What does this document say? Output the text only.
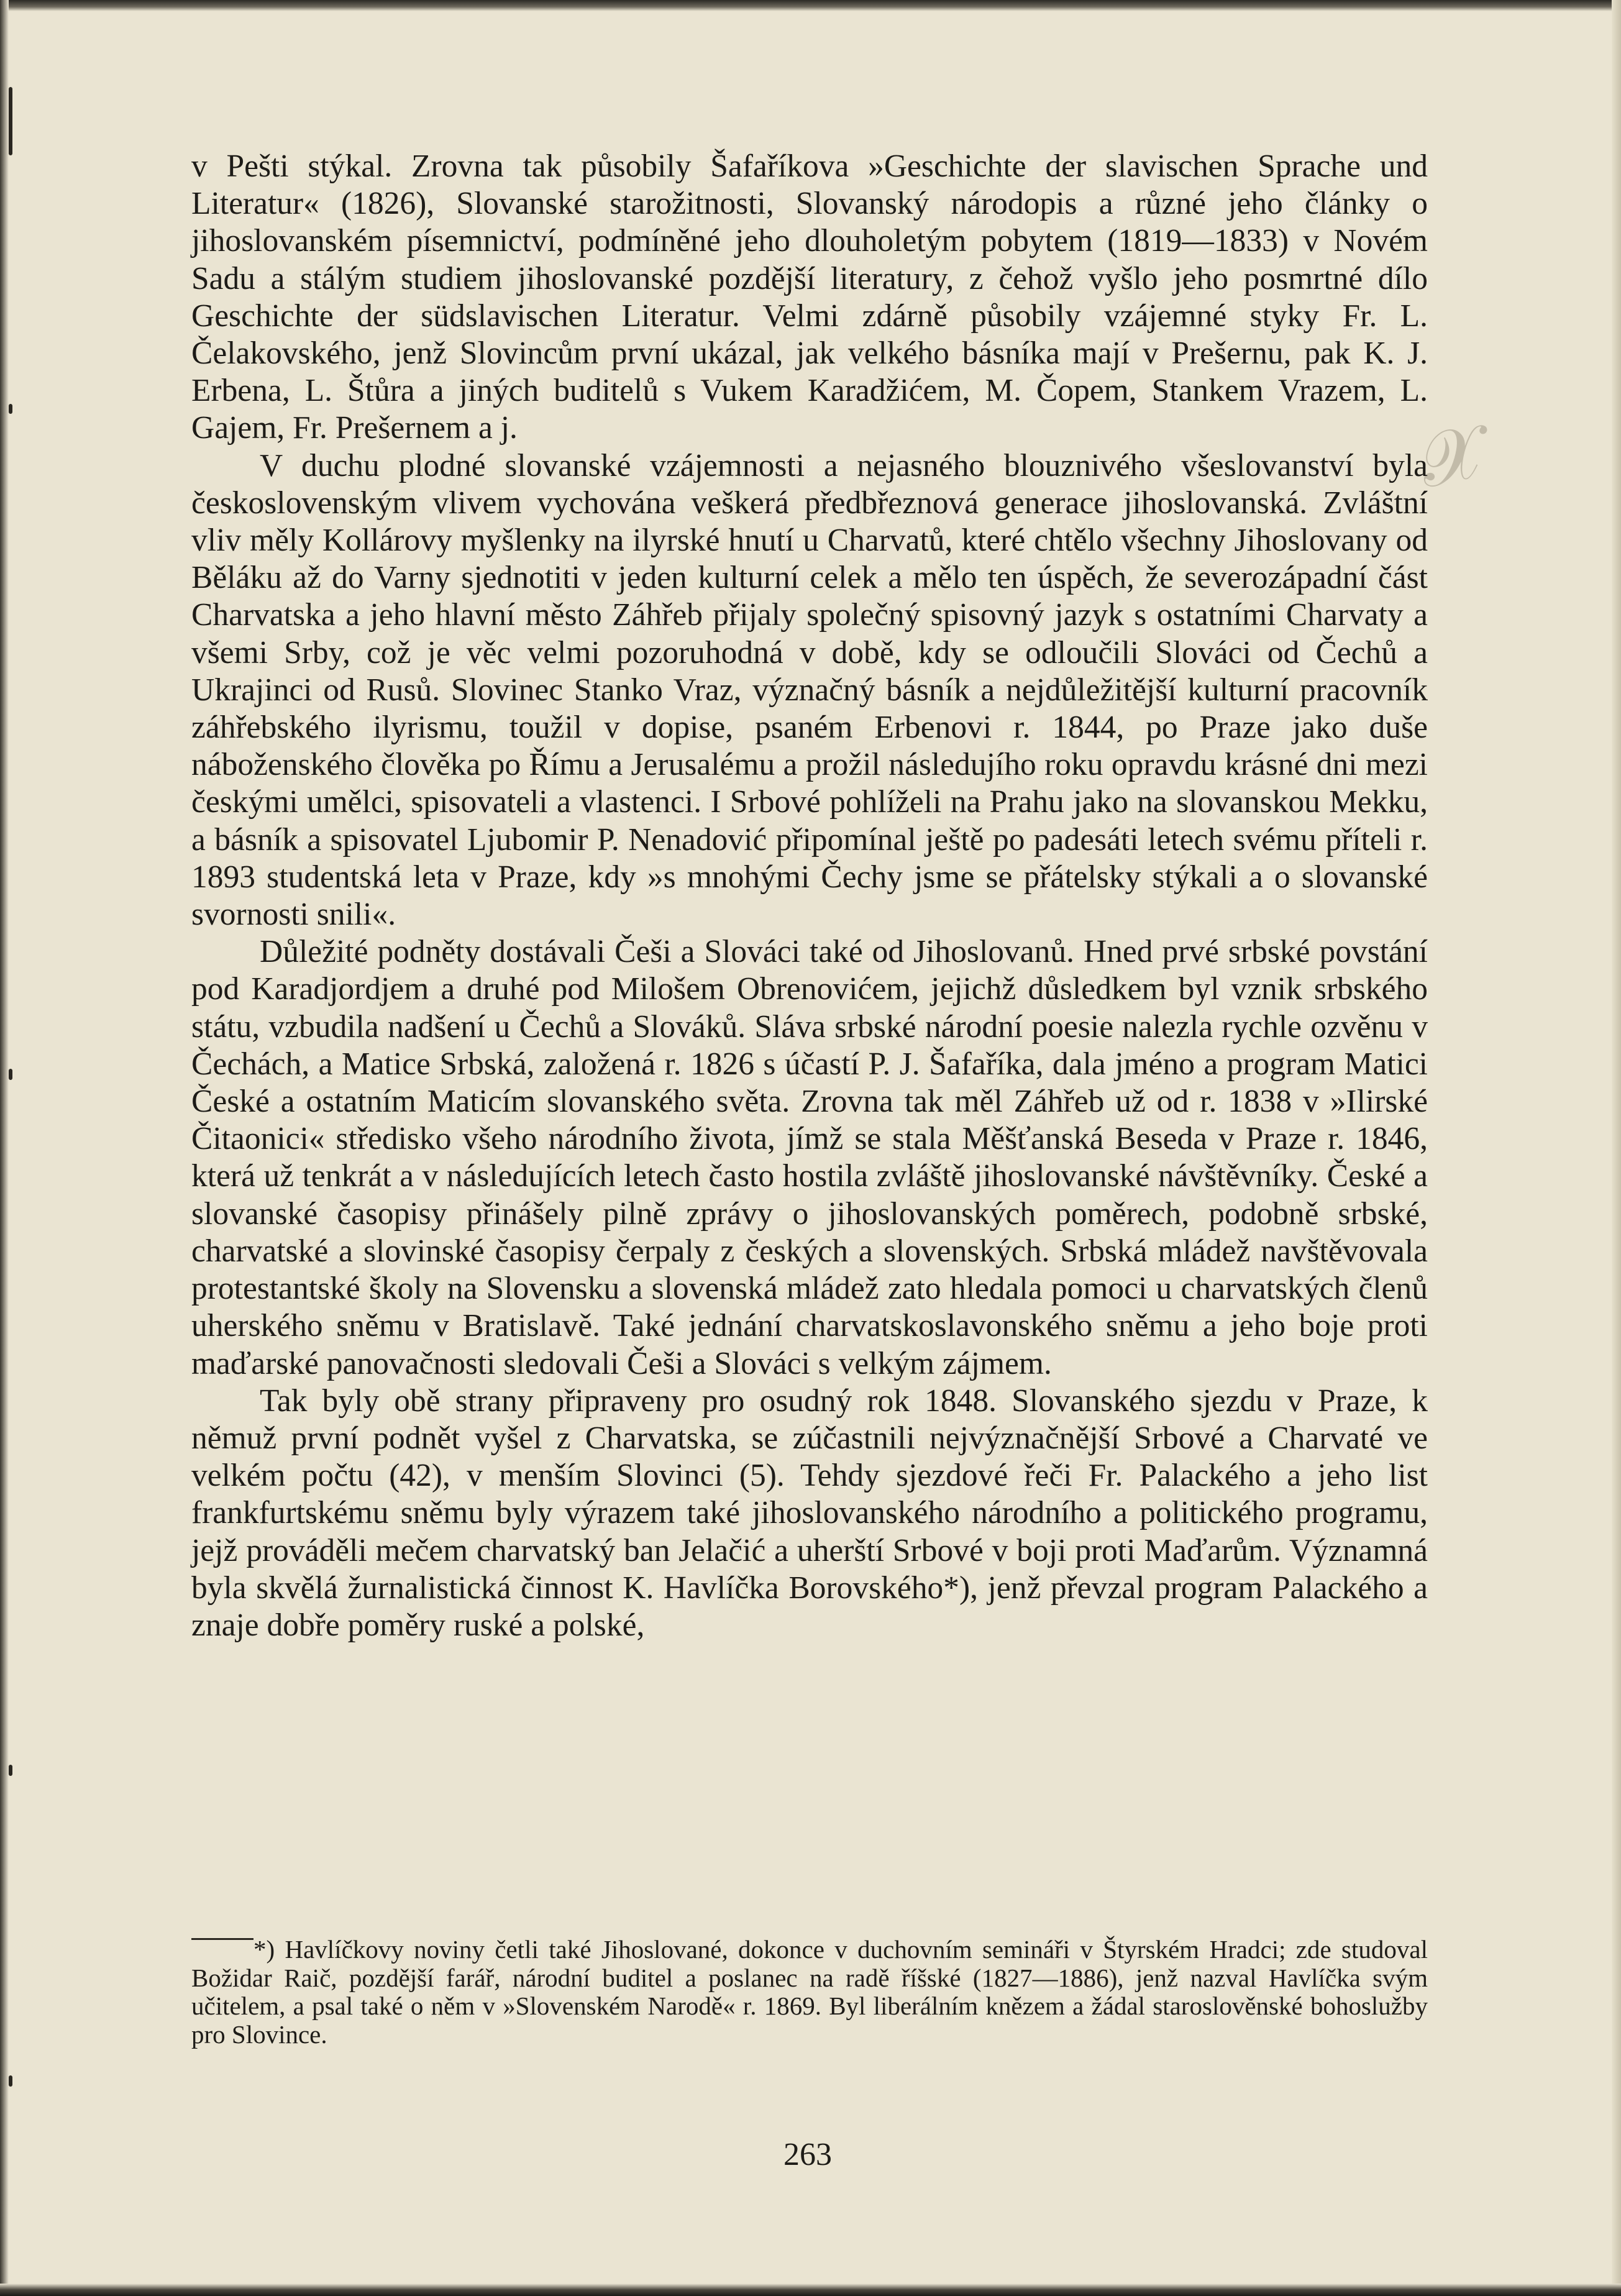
𝒳

v Pešti stýkal. Zrovna tak působily Šafaříkova »Geschichte der slavischen Sprache und Literatur« (1826), Slovanské starožitnosti, Slovanský národopis a různé jeho články o jihoslovanském písemnictví, podmíněné jeho dlouholetým pobytem (1819—1833) v Novém Sadu a stálým studiem jihoslovanské pozdější literatury, z čehož vyšlo jeho posmrtné dílo Geschichte der südslavischen Literatur. Velmi zdárně působily vzájemné styky Fr. L. Čelakovského, jenž Slovincům první ukázal, jak velkého básníka mají v Prešernu, pak K. J. Erbena, L. Štůra a jiných buditelů s Vukem Karadžićem, M. Čopem, Stankem Vrazem, L. Gajem, Fr. Prešernem a j.

V duchu plodné slovanské vzájemnosti a nejasného blouznivého všeslovanství byla československým vlivem vychována veškerá předbřeznová generace jihoslovanská. Zvláštní vliv měly Kollárovy myšlenky na ilyrské hnutí u Charvatů, které chtělo všechny Jihoslovany od Běláku až do Varny sjednotiti v jeden kulturní celek a mělo ten úspěch, že severozápadní část Charvatska a jeho hlavní město Záhřeb přijaly společný spisovný jazyk s ostatními Charvaty a všemi Srby, což je věc velmi pozoruhodná v době, kdy se odloučili Slováci od Čechů a Ukrajinci od Rusů. Slovinec Stanko Vraz, význačný básník a nejdůležitější kulturní pracovník záhřebského ilyrismu, toužil v dopise, psaném Erbenovi r. 1844, po Praze jako duše náboženského člověka po Římu a Jerusalému a prožil následujího roku opravdu krásné dni mezi českými umělci, spisovateli a vlastenci. I Srbové pohlíželi na Prahu jako na slovanskou Mekku, a básník a spisovatel Ljubomir P. Nenadović připomínal ještě po padesáti letech svému příteli r. 1893 studentská leta v Praze, kdy »s mnohými Čechy jsme se přátelsky stýkali a o slovanské svornosti snili«.

Důležité podněty dostávali Češi a Slováci také od Jihoslovanů. Hned prvé srbské povstání pod Karadjordjem a druhé pod Milošem Obrenovićem, jejichž důsledkem byl vznik srbského státu, vzbudila nadšení u Čechů a Slováků. Sláva srbské národní poesie nalezla rychle ozvěnu v Čechách, a Matice Srbská, založená r. 1826 s účastí P. J. Šafaříka, dala jméno a program Matici České a ostatním Maticím slovanského světa. Zrovna tak měl Záhřeb už od r. 1838 v »Ilirské Čitaonici« středisko všeho národního života, jímž se stala Měšťanská Beseda v Praze r. 1846, která už tenkrát a v následujících letech často hostila zvláště jihoslovanské návštěvníky. České a slovanské časopisy přinášely pilně zprávy o jihoslovanských poměrech, podobně srbské, charvatské a slovinské časopisy čerpaly z českých a slovenských. Srbská mládež navštěvovala protestantské školy na Slovensku a slovenská mládež zato hledala pomoci u charvatských členů uherského sněmu v Bratislavě. Také jednání charvatskoslavonského sněmu a jeho boje proti maďarské panovačnosti sledovali Češi a Slováci s velkým zájmem.

Tak byly obě strany připraveny pro osudný rok 1848. Slovanského sjezdu v Praze, k němuž první podnět vyšel z Charvatska, se zúčastnili nejvýznačnější Srbové a Charvaté ve velkém počtu (42), v menším Slovinci (5). Tehdy sjezdové řeči Fr. Palackého a jeho list frankfurtskému sněmu byly výrazem také jihoslovanského národního a politického programu, jejž prováděli mečem charvatský ban Jelačić a uherští Srbové v boji proti Maďarům. Významná byla skvělá žurnalistická činnost K. Havlíčka Borovského*), jenž převzal program Palackého a znaje dobře poměry ruské a polské,

*) Havlíčkovy noviny četli také Jihoslované, dokonce v duchovním semináři v Štyrském Hradci; zde studoval Božidar Raič, pozdější farář, národní buditel a poslanec na radě říšské (1827—1886), jenž nazval Havlíčka svým učitelem, a psal také o něm v »Slovenském Narodě« r. 1869. Byl liberálním knězem a žádal staroslověnské bohoslužby pro Slovince.

263
